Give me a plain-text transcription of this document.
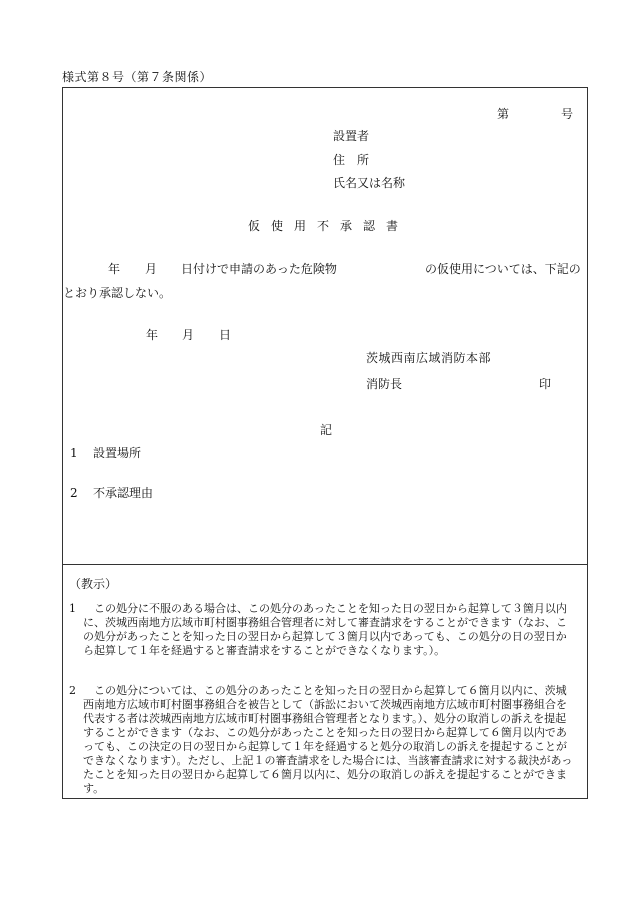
様式第８号（第７条関係）
第	号
設置者
住　所
氏名又は名称
仮使用不承認書
年 月 日付けで申請のあった危険物	の仮使用については、下記のとおり承認しない。
年 月 日
茨城西南広域消防本部
消防長	印
記
1 設置場所
2 不承認理由
（教示）
1	この処分に不服のある場合は、この処分のあったことを知った日の翌日から起算して３箇月以内に、茨城西南地方広域市町村圏事務組合管理者に対して審査請求をすることができます（なお、この処分があったことを知った日の翌日から起算して３箇月以内であっても、この処分の日の翌日から起算して１年を経過すると審査請求をすることができなくなります。）。
2	この処分については、この処分のあったことを知った日の翌日から起算して６箇月以内に、茨城西南地方広域市町村圏事務組合を被告として（訴訟において茨城西南地方広域市町村圏事務組合を代表する者は茨城西南地方広域市町村圏事務組合管理者となります。）、処分の取消しの訴えを提起することができます（なお、この処分があったことを知った日の翌日から起算して６箇月以内であっても、この決定の日の翌日から起算して１年を経過すると処分の取消しの訴えを提起することができなくなります）。ただし、上記１の審査請求をした場合には、当該審査請求に対する裁決があったことを知った日の翌日から起算して６箇月以内に、処分の取消しの訴えを提起することができます。
